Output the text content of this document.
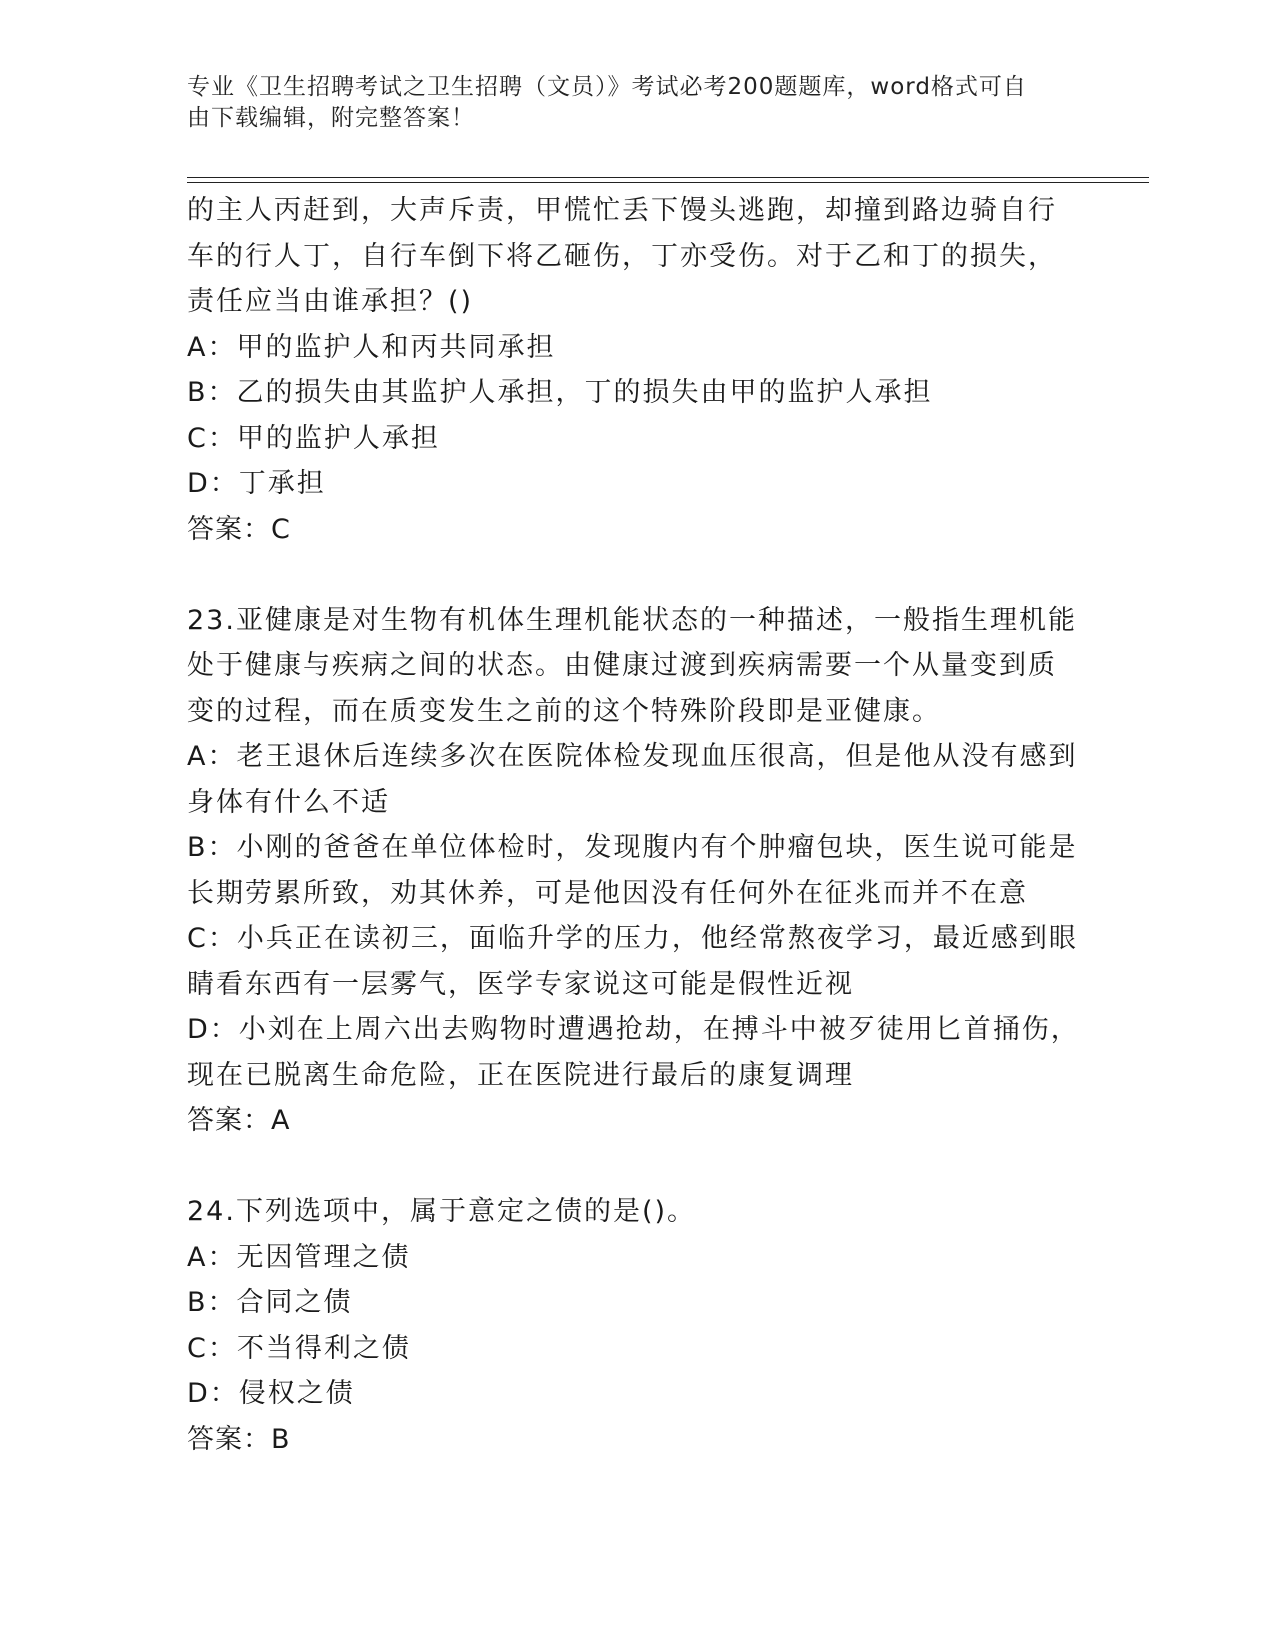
专业《卫生招聘考试之卫生招聘（文员）》考试必考200题题库，word格式可自
由下载编辑，附完整答案！
的主人丙赶到，大声斥责，甲慌忙丢下馒头逃跑，却撞到路边骑自行
车的行人丁，自行车倒下将乙砸伤，丁亦受伤。对于乙和丁的损失，
责任应当由谁承担？()
A：甲的监护人和丙共同承担
B：乙的损失由其监护人承担，丁的损失由甲的监护人承担
C：甲的监护人承担
D：丁承担
答案：C
23.亚健康是对生物有机体生理机能状态的一种描述，一般指生理机能
处于健康与疾病之间的状态。由健康过渡到疾病需要一个从量变到质
变的过程，而在质变发生之前的这个特殊阶段即是亚健康。
A：老王退休后连续多次在医院体检发现血压很高，但是他从没有感到
身体有什么不适
B：小刚的爸爸在单位体检时，发现腹内有个肿瘤包块，医生说可能是
长期劳累所致，劝其休养，可是他因没有任何外在征兆而并不在意
C：小兵正在读初三，面临升学的压力，他经常熬夜学习，最近感到眼
睛看东西有一层雾气，医学专家说这可能是假性近视
D：小刘在上周六出去购物时遭遇抢劫，在搏斗中被歹徒用匕首捅伤，
现在已脱离生命危险，正在医院进行最后的康复调理
答案：A
24.下列选项中，属于意定之债的是()。
A：无因管理之债
B：合同之债
C：不当得利之债
D：侵权之债
答案：B
